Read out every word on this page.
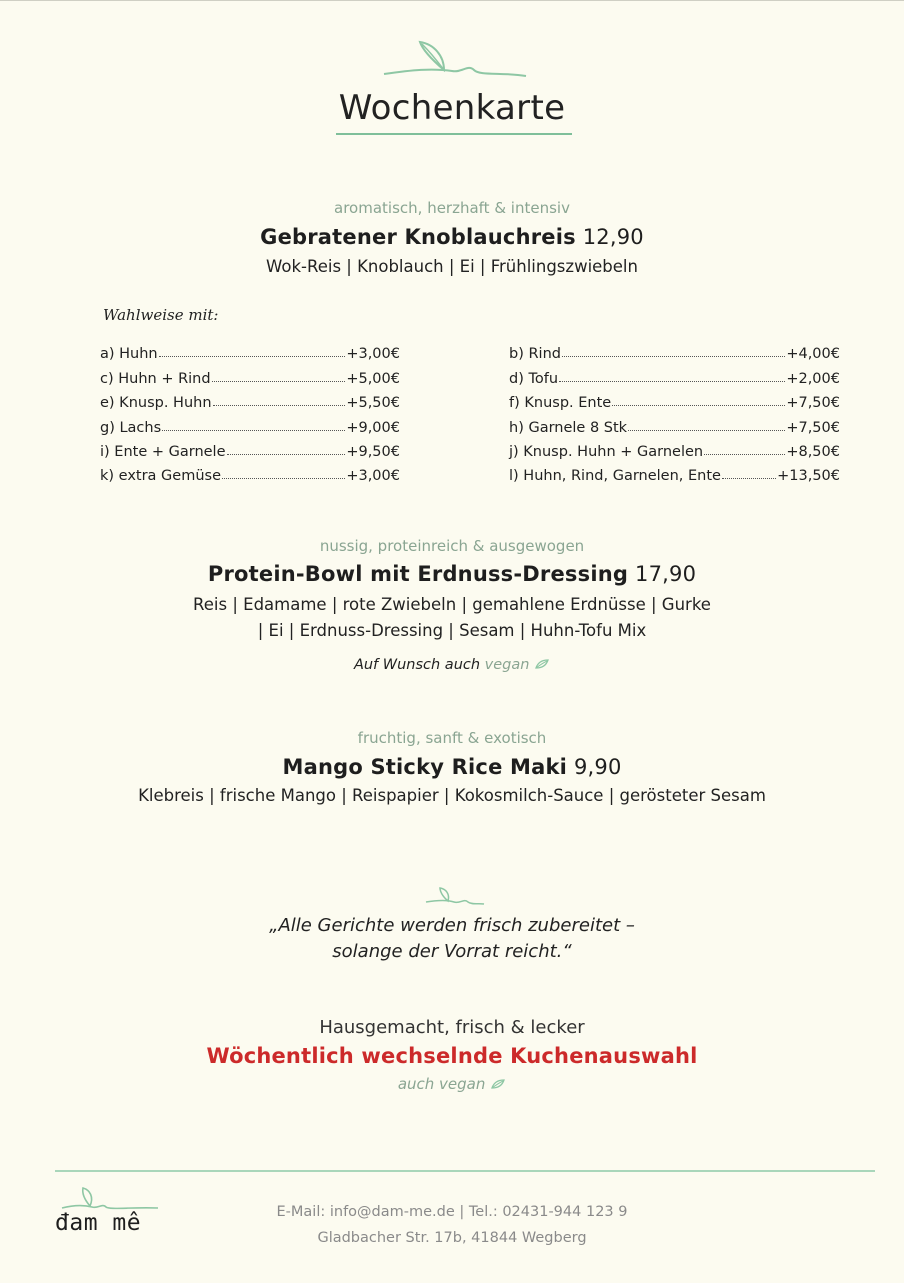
Wochenkarte
aromatisch, herzhaft & intensiv
Gebratener Knoblauchreis 12,90
Wok-Reis | Knoblauch | Ei | Frühlingszwiebeln
Wahlweise mit:
a) Huhn	+3,00€
c) Huhn + Rind	+5,00€
e) Knusp. Huhn	+5,50€
g) Lachs	+9,00€
i) Ente + Garnele	+9,50€
k) extra Gemüse	+3,00€
b) Rind	+4,00€
d) Tofu	+2,00€
f) Knusp. Ente	+7,50€
h) Garnele 8 Stk	+7,50€
j) Knusp. Huhn + Garnelen	+8,50€
l) Huhn, Rind, Garnelen, Ente	+13,50€
nussig, proteinreich & ausgewogen
Protein-Bowl mit Erdnuss-Dressing 17,90
Reis | Edamame | rote Zwiebeln | gemahlene Erdnüsse | Gurke
| Ei | Erdnuss-Dressing | Sesam | Huhn-Tofu Mix
Auf Wunsch auch vegan
fruchtig, sanft & exotisch
Mango Sticky Rice Maki 9,90
Klebreis | frische Mango | Reispapier | Kokosmilch-Sauce | gerösteter Sesam
„Alle Gerichte werden frisch zubereitet –
solange der Vorrat reicht.“
Hausgemacht, frisch & lecker
Wöchentlich wechselnde Kuchenauswahl
auch vegan
đam mê	E-Mail: info@dam-me.de | Tel.: 02431-944 123 9
Gladbacher Str. 17b, 41844 Wegberg
